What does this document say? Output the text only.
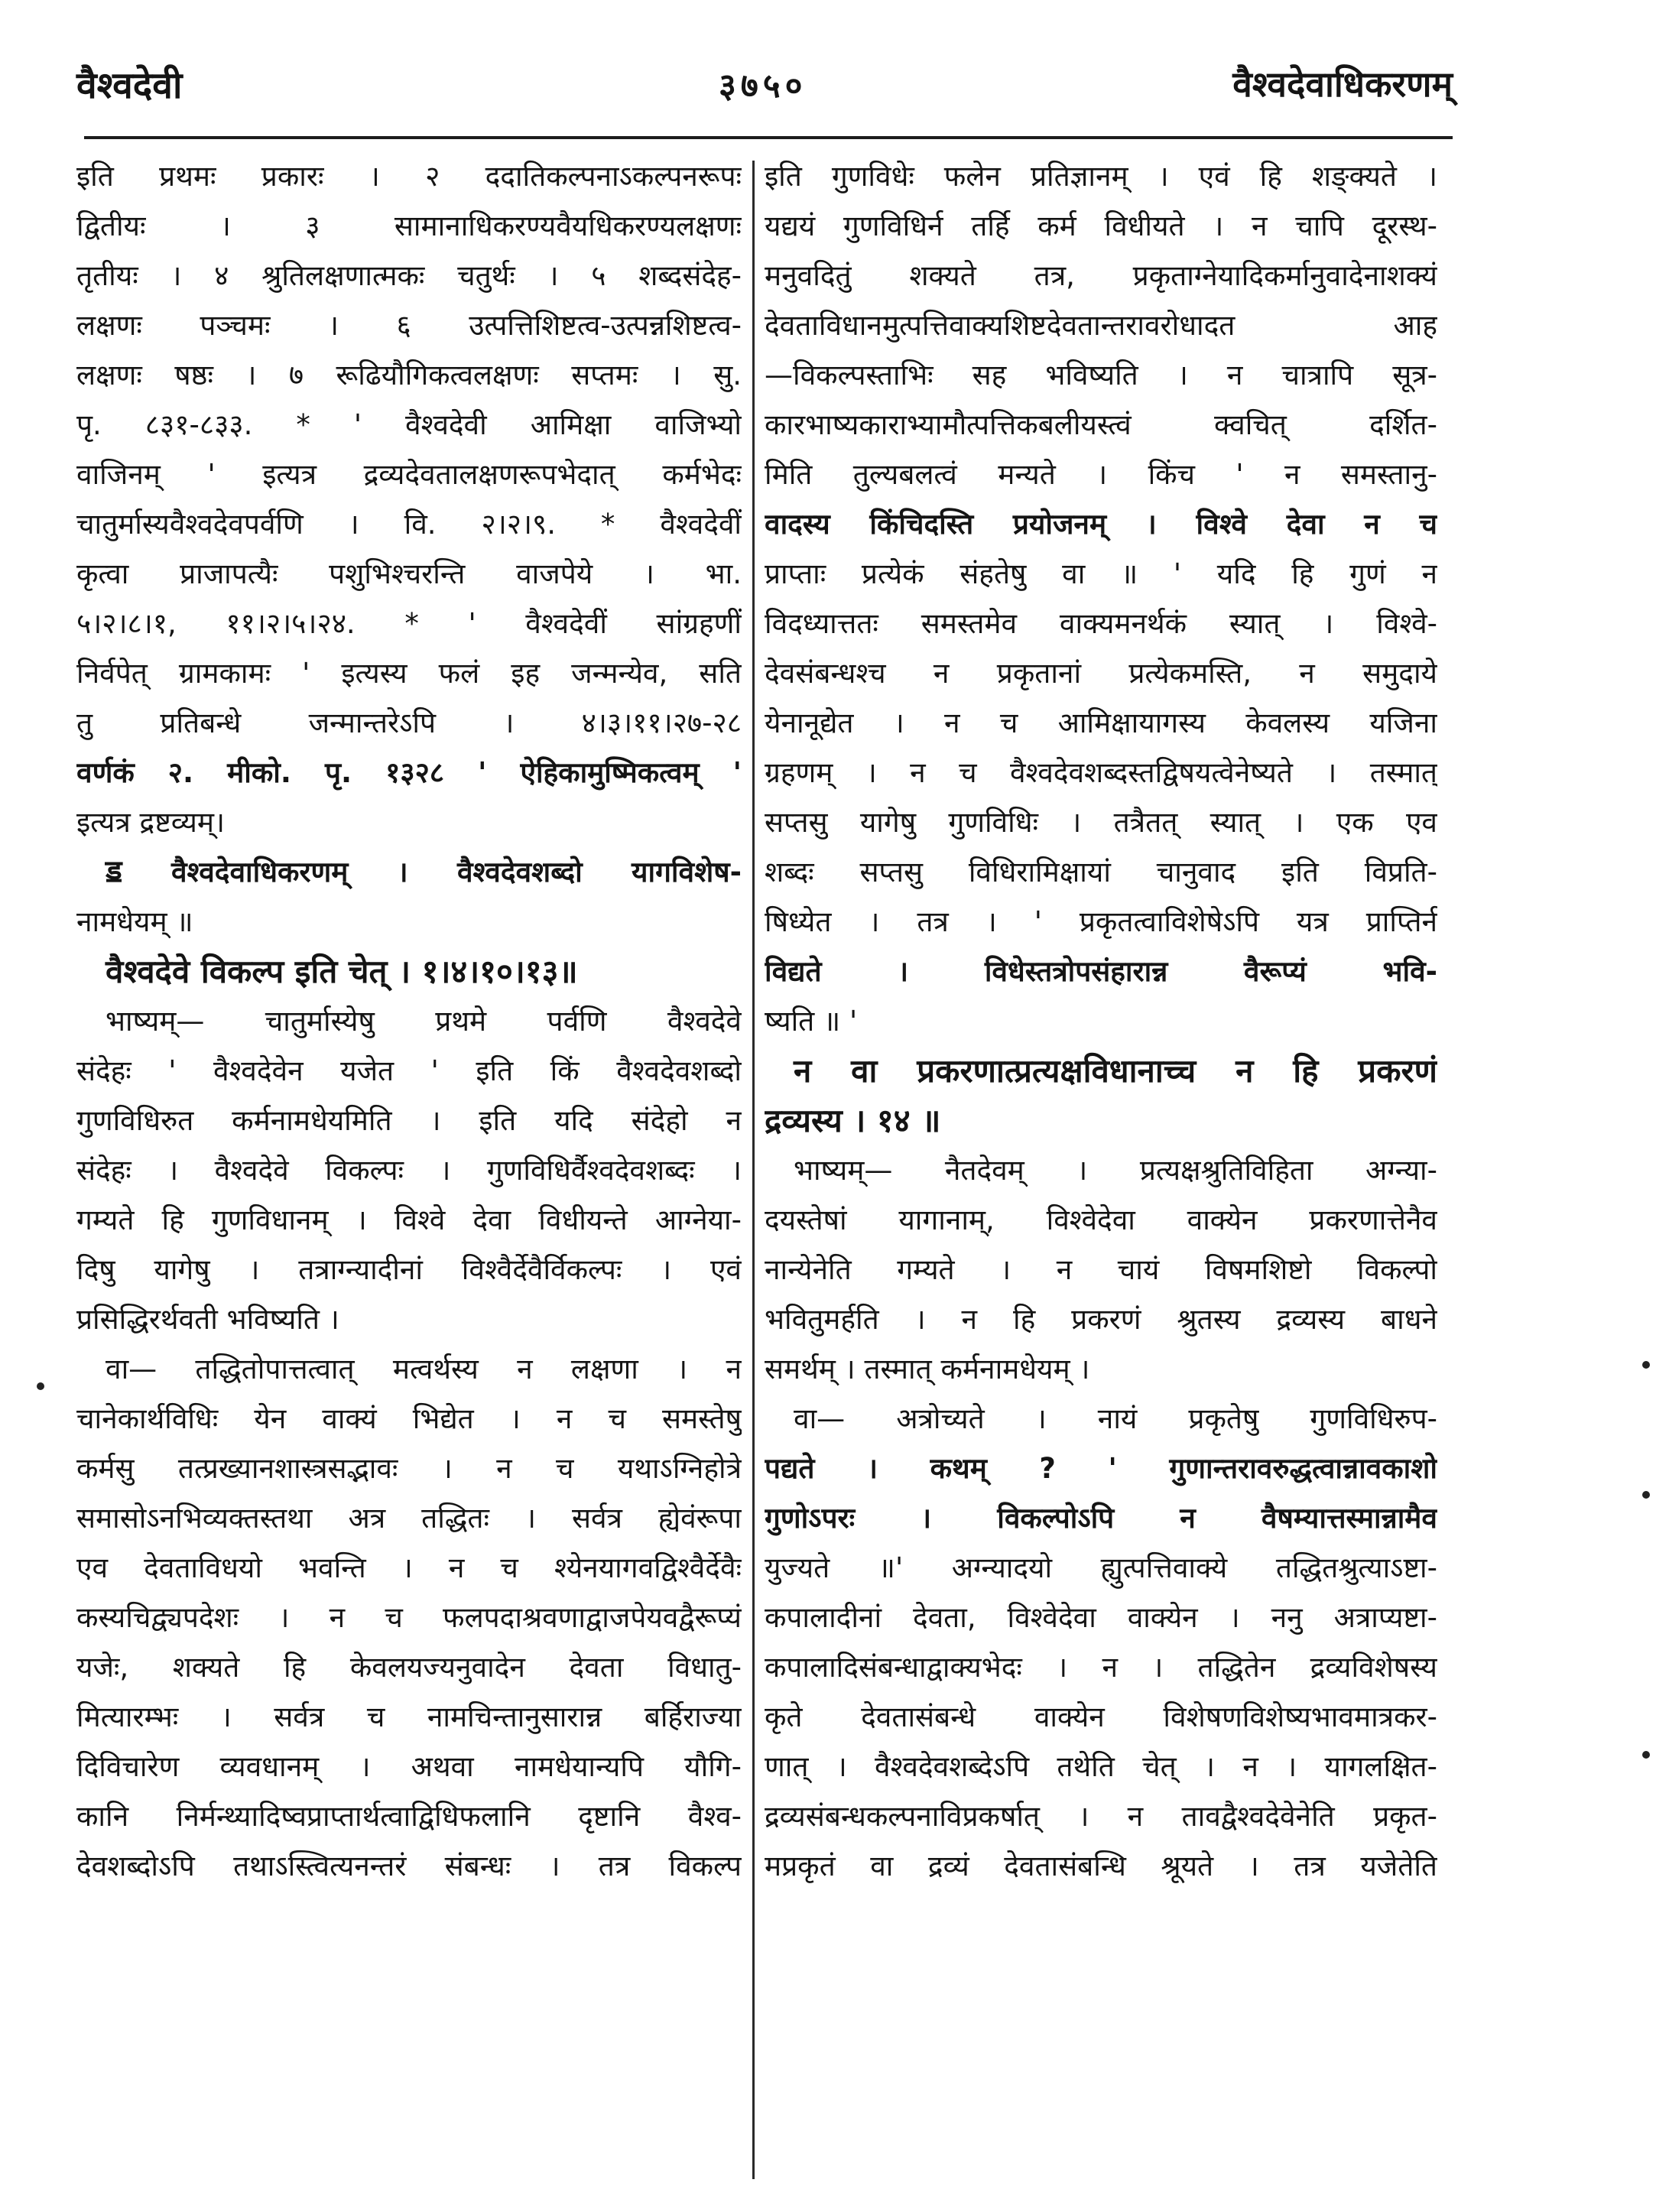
वैश्वदेवी	३७५०	वैश्वदेवाधिकरणम्
इति प्रथमः प्रकारः । २ ददातिकल्पनाऽकल्पनरूपः
द्वितीयः । ३ सामानाधिकरण्यवैयधिकरण्यलक्षणः
तृतीयः । ४ श्रुतिलक्षणात्मकः चतुर्थः । ५ शब्दसंदेह-
लक्षणः पञ्चमः । ६ उत्पत्तिशिष्टत्व-उत्पन्नशिष्टत्व-
लक्षणः षष्ठः । ७ रूढियौगिकत्वलक्षणः सप्तमः । सु.
पृ. ८३१-८३३. * ' वैश्वदेवी आमिक्षा वाजिभ्यो
वाजिनम् ' इत्यत्र द्रव्यदेवतालक्षणरूपभेदात् कर्मभेदः
चातुर्मास्यवैश्वदेवपर्वणि । वि. २।२।९. * वैश्वदेवीं
कृत्वा प्राजापत्यैः पशुभिश्चरन्ति वाजपेये । भा.
५।२।८।१, ११।२।५।२४. * ' वैश्वदेवीं सांग्रहणीं
निर्वपेत् ग्रामकामः ' इत्यस्य फलं इह जन्मन्येव, सति
तु प्रतिबन्धे जन्मान्तरेऽपि । ४।३।११।२७-२८
वर्णकं २. मीको. पृ. १३२८ ' ऐहिकामुष्मिकत्वम् '
इत्यत्र द्रष्टव्यम्।
ॾ वैश्वदेवाधिकरणम् । वैश्वदेवशब्दो यागविशेष-
नामधेयम् ॥
वैश्वदेवे विकल्प इति चेत् । १।४।१०।१३॥
भाष्यम्— चातुर्मास्येषु प्रथमे पर्वणि वैश्वदेवे
संदेहः ' वैश्वदेवेन यजेत ' इति किं वैश्वदेवशब्दो
गुणविधिरुत कर्मनामधेयमिति । इति यदि संदेहो न
संदेहः । वैश्वदेवे विकल्पः । गुणविधिर्वैश्वदेवशब्दः ।
गम्यते हि गुणविधानम् । विश्वे देवा विधीयन्ते आग्नेया-
दिषु यागेषु । तत्राग्न्यादीनां विश्वैर्देवैर्विकल्पः । एवं
प्रसिद्धिरर्थवती भविष्यति ।
वा— तद्धितोपात्तत्वात् मत्वर्थस्य न लक्षणा । न
चानेकार्थविधिः येन वाक्यं भिद्येत । न च समस्तेषु
कर्मसु तत्प्रख्यानशास्त्रसद्भावः । न च यथाऽग्निहोत्रे
समासोऽनभिव्यक्तस्तथा अत्र तद्धितः । सर्वत्र ह्येवंरूपा
एव देवताविधयो भवन्ति । न च श्येनयागवद्विश्वैर्देवैः
कस्यचिद्व्यपदेशः । न च फलपदाश्रवणाद्वाजपेयवद्वैरूप्यं
यजेः, शक्यते हि केवलयज्यनुवादेन देवता विधातु-
मित्यारम्भः । सर्वत्र च नामचिन्तानुसारान्न बर्हिराज्या
दिविचारेण व्यवधानम् । अथवा नामधेयान्यपि यौगि-
कानि निर्मन्थ्यादिष्वप्राप्तार्थत्वाद्विधिफलानि दृष्टानि वैश्व-
देवशब्दोऽपि तथाऽस्त्वित्यनन्तरं संबन्धः । तत्र विकल्प
इति गुणविधेः फलेन प्रतिज्ञानम् । एवं हि शङ्क्यते ।
यद्ययं गुणविधिर्न तर्हि कर्म विधीयते । न चापि दूरस्थ-
मनुवदितुं शक्यते तत्र, प्रकृताग्नेयादिकर्मानुवादेनाशक्यं
देवताविधानमुत्पत्तिवाक्यशिष्टदेवतान्तरावरोधादत आह
—विकल्पस्ताभिः सह भविष्यति । न चात्रापि सूत्र-
कारभाष्यकाराभ्यामौत्पत्तिकबलीयस्त्वं क्वचित् दर्शित-
मिति तुल्यबलत्वं मन्यते । किंच ' न समस्तानु-
वादस्य किंचिदस्ति प्रयोजनम् । विश्वे देवा न च
प्राप्ताः प्रत्येकं संहतेषु वा ॥ ' यदि हि गुणं न
विदध्यात्ततः समस्तमेव वाक्यमनर्थकं स्यात् । विश्वे-
देवसंबन्धश्च न प्रकृतानां प्रत्येकमस्ति, न समुदाये
येनानूद्येत । न च आमिक्षायागस्य केवलस्य यजिना
ग्रहणम् । न च वैश्वदेवशब्दस्तद्विषयत्वेनेष्यते । तस्मात्
सप्तसु यागेषु गुणविधिः । तत्रैतत् स्यात् । एक एव
शब्दः सप्तसु विधिरामिक्षायां चानुवाद इति विप्रति-
षिध्येत । तत्र । ' प्रकृतत्वाविशेषेऽपि यत्र प्राप्तिर्न
विद्यते । विधेस्तत्रोपसंहारान्न वैरूप्यं भवि-
ष्यति ॥ '
न वा प्रकरणात्प्रत्यक्षविधानाच्च न हि प्रकरणं
द्रव्यस्य । १४ ॥
भाष्यम्— नैतदेवम् । प्रत्यक्षश्रुतिविहिता अग्न्या-
दयस्तेषां यागानाम्, विश्वेदेवा वाक्येन प्रकरणात्तेनैव
नान्येनेति गम्यते । न चायं विषमशिष्टो विकल्पो
भवितुमर्हति । न हि प्रकरणं श्रुतस्य द्रव्यस्य बाधने
समर्थम् । तस्मात् कर्मनामधेयम् ।
वा— अत्रोच्यते । नायं प्रकृतेषु गुणविधिरुप-
पद्यते । कथम् ? ' गुणान्तरावरुद्धत्वान्नावकाशो
गुणोऽपरः । विकल्पोऽपि न वैषम्यात्तस्मान्नामैव
युज्यते ॥' अग्न्यादयो ह्युत्पत्तिवाक्ये तद्धितश्रुत्याऽष्टा-
कपालादीनां देवता, विश्वेदेवा वाक्येन । ननु अत्राप्यष्टा-
कपालादिसंबन्धाद्वाक्यभेदः । न । तद्धितेन द्रव्यविशेषस्य
कृते देवतासंबन्धे वाक्येन विशेषणविशेष्यभावमात्रकर-
णात् । वैश्वदेवशब्देऽपि तथेति चेत् । न । यागलक्षित-
द्रव्यसंबन्धकल्पनाविप्रकर्षात् । न तावद्वैश्वदेवेनेति प्रकृत-
मप्रकृतं वा द्रव्यं देवतासंबन्धि श्रूयते । तत्र यजेतेति
